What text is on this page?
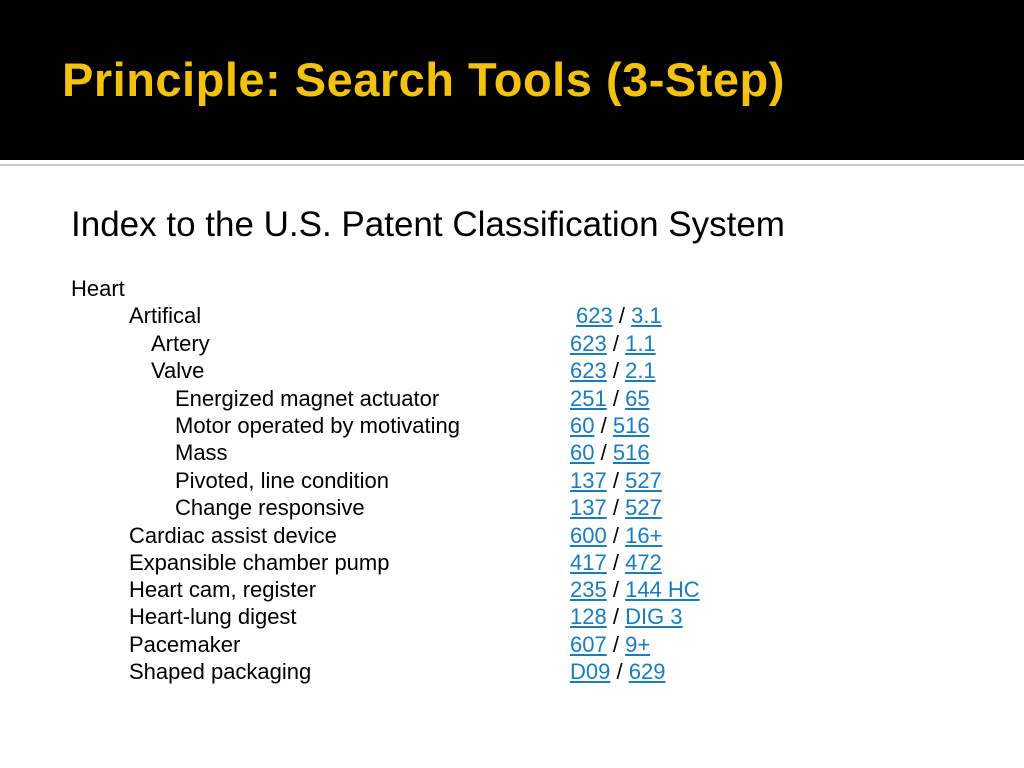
Principle: Search Tools (3-Step)
Index to the U.S. Patent Classification System
Heart
Artifical	623 / 3.1
Artery	623 / 1.1
Valve	623 / 2.1
Energized magnet actuator	251 / 65
Motor operated by motivating	60 / 516
Mass	60 / 516
Pivoted, line condition	137 / 527
Change responsive	137 / 527
Cardiac assist device	600 / 16+
Expansible chamber pump	417 / 472
Heart cam, register	235 / 144 HC
Heart-lung digest	128 / DIG 3
Pacemaker	607 / 9+
Shaped packaging	D09 / 629
